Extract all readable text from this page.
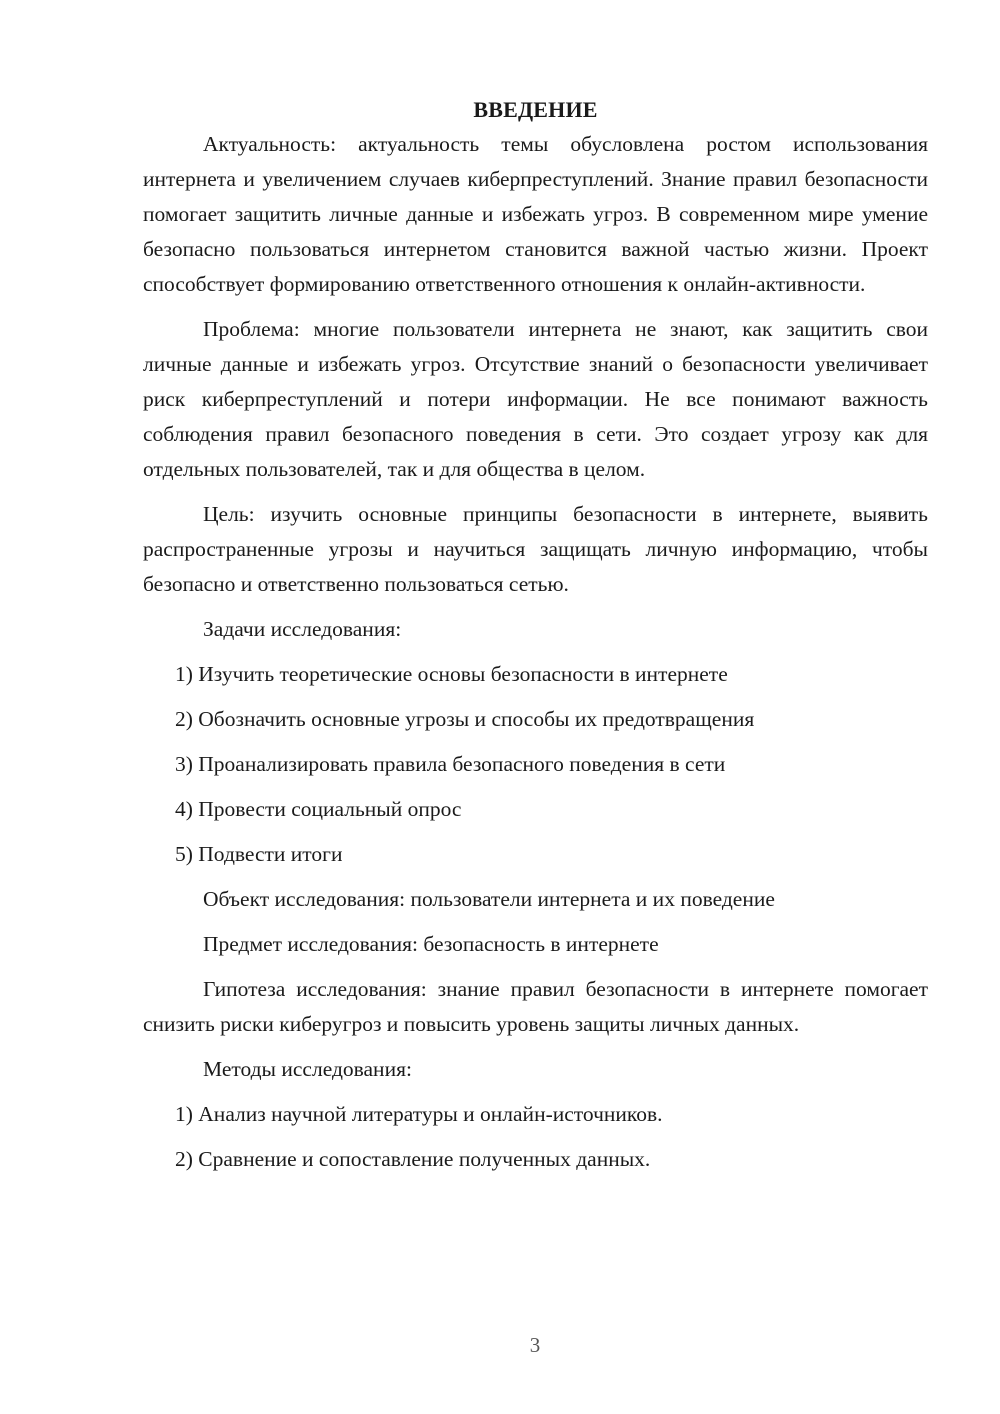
ВВЕДЕНИЕ

Актуальность: актуальность темы обусловлена ростом использования интернета и увеличением случаев киберпреступлений. Знание правил безопасности помогает защитить личные данные и избежать угроз. В современном мире умение безопасно пользоваться интернетом становится важной частью жизни. Проект способствует формированию ответственного отношения к онлайн-активности.

Проблема: многие пользователи интернета не знают, как защитить свои личные данные и избежать угроз. Отсутствие знаний о безопасности увеличивает риск киберпреступлений и потери информации. Не все понимают важность соблюдения правил безопасного поведения в сети. Это создает угрозу как для отдельных пользователей, так и для общества в целом.

Цель: изучить основные принципы безопасности в интернете, выявить распространенные угрозы и научиться защищать личную информацию, чтобы безопасно и ответственно пользоваться сетью.

Задачи исследования:
1) Изучить теоретические основы безопасности в интернете
2) Обозначить основные угрозы и способы их предотвращения
3) Проанализировать правила безопасного поведения в сети
4) Провести социальный опрос
5) Подвести итоги
Объект исследования: пользователи интернета и их поведение
Предмет исследования: безопасность в интернете

Гипотеза исследования: знание правил безопасности в интернете помогает снизить риски киберугроз и повысить уровень защиты личных данных.

Методы исследования:
1) Анализ научной литературы и онлайн-источников.
2) Сравнение и сопоставление полученных данных.
3
